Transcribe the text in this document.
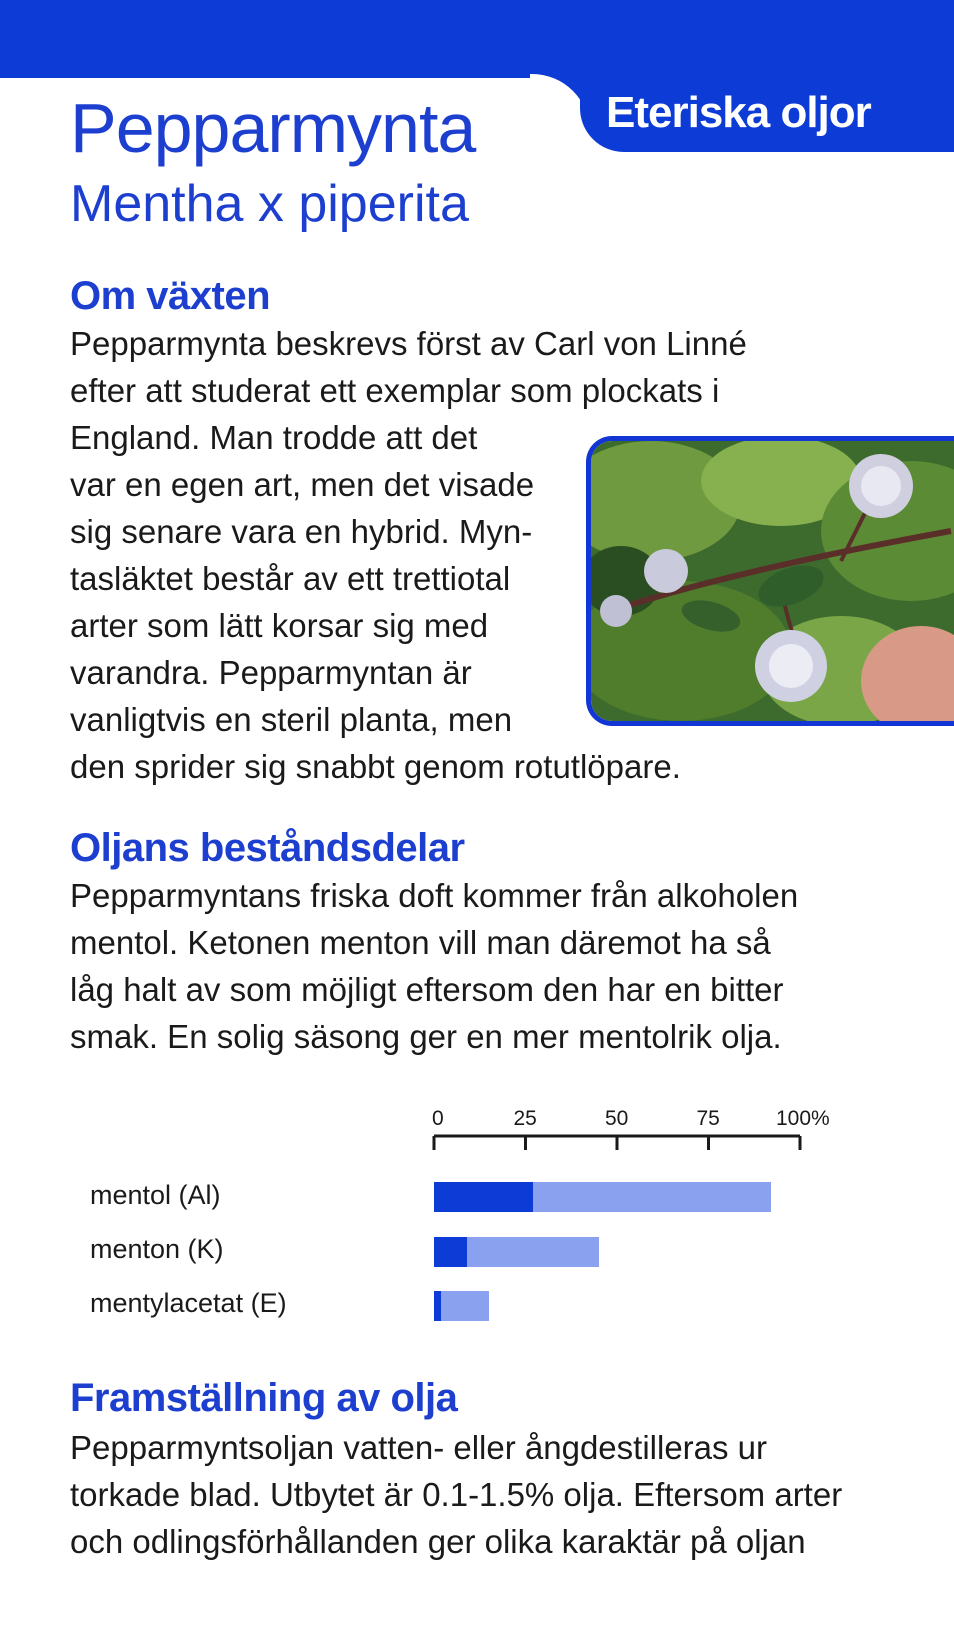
Eteriska oljor
Pepparmynta
Mentha x piperita
Om växten
Pepparmynta beskrevs först av Carl von Linné
efter att studerat ett exemplar som plockats i
England. Man trodde att det
var en egen art, men det visade
sig senare vara en hybrid. Myn-
tasläktet består av ett trettiotal
arter som lätt korsar sig med
varandra. Pepparmyntan är
vanligtvis en steril planta, men
den sprider sig snabbt genom rotutlöpare.
Oljans beståndsdelar
Pepparmyntans friska doft kommer från alkoholen
mentol. Ketonen menton vill man däremot ha så
låg halt av som möjligt eftersom den har en bitter
smak. En solig säsong ger en mer mentolrik olja.
0	25	50	75	100%
mentol (Al)
menton (K)
mentylacetat (E)
Framställning av olja
Pepparmyntsoljan vatten- eller ångdestilleras ur
torkade blad. Utbytet är 0.1-1.5% olja. Eftersom arter
och odlingsförhållanden ger olika karaktär på oljan
